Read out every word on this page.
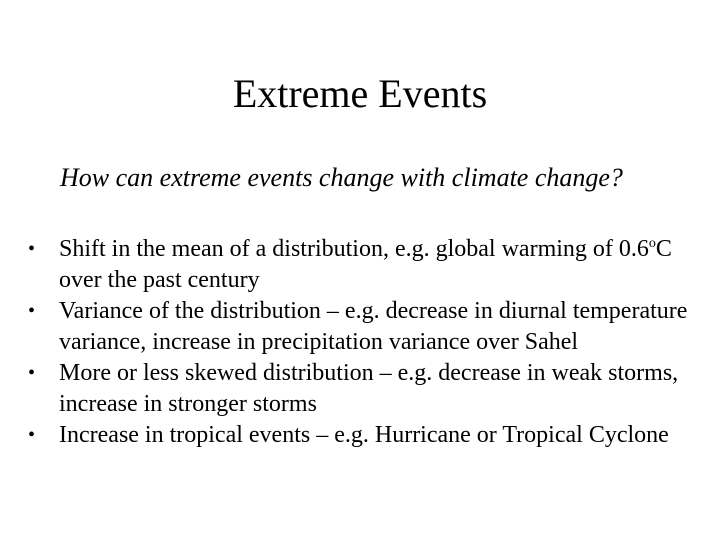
Extreme Events
How can extreme events change with climate change?
• Shift in the mean of a distribution, e.g. global warming of 0.6$^o$C over the past century
• Variance of the distribution – e.g. decrease in diurnal temperature variance, increase in precipitation variance over Sahel
• More or less skewed distribution – e.g. decrease in weak storms, increase in stronger storms
• Increase in tropical events – e.g. Hurricane or Tropical Cyclone
